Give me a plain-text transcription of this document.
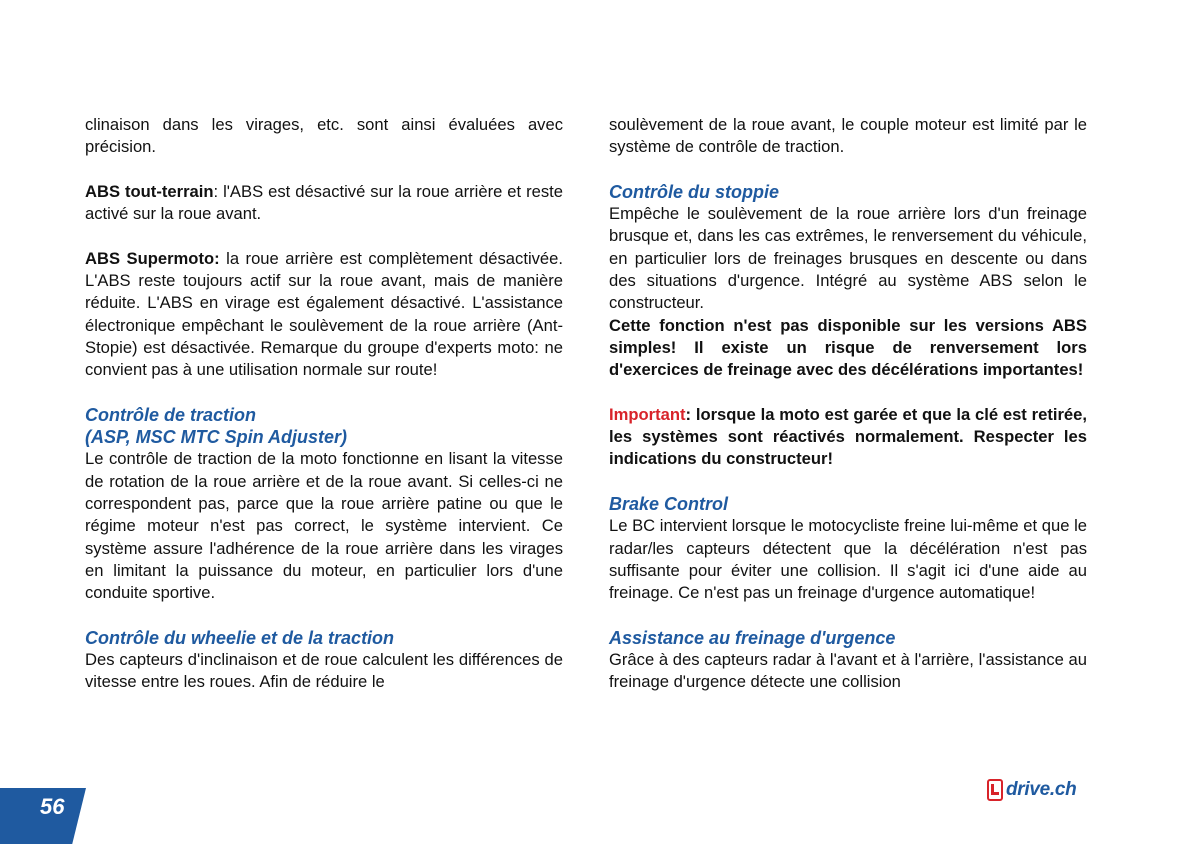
clinaison dans les virages, etc. sont ainsi évaluées avec précision.

ABS tout-terrain: l'ABS est désactivé sur la roue arrière et reste activé sur la roue avant.

ABS Supermoto: la roue arrière est complètement désactivée. L'ABS reste toujours actif sur la roue avant, mais de manière réduite. L'ABS en virage est également désactivé. L'assistance électronique empêchant le soulèvement de la roue arrière (Ant-Stopie) est désactivée. Remarque du groupe d'experts moto: ne convient pas à une utilisation normale sur route!

Contrôle de traction
(ASP, MSC MTC Spin Adjuster)

Le contrôle de traction de la moto fonctionne en lisant la vitesse de rotation de la roue arrière et de la roue avant. Si celles-ci ne correspondent pas, parce que la roue arrière patine ou que le régime moteur n'est pas correct, le système intervient. Ce système assure l'adhérence de la roue arrière dans les virages en limitant la puissance du moteur, en particulier lors d'une conduite sportive.

Contrôle du wheelie et de la traction

Des capteurs d'inclinaison et de roue calculent les différences de vitesse entre les roues. Afin de réduire le

soulèvement de la roue avant, le couple moteur est limité par le système de contrôle de traction.

Contrôle du stoppie

Empêche le soulèvement de la roue arrière lors d'un freinage brusque et, dans les cas extrêmes, le renversement du véhicule, en particulier lors de freinages brusques en descente ou dans des situations d'urgence. Intégré au système ABS selon le constructeur.

Cette fonction n'est pas disponible sur les versions ABS simples! Il existe un risque de renversement lors d'exercices de freinage avec des décélérations importantes!

Important: lorsque la moto est garée et que la clé est retirée, les systèmes sont réactivés normalement. Respecter les indications du constructeur!

Brake Control

Le BC intervient lorsque le motocycliste freine lui-même et que le radar/les capteurs détectent que la décélération n'est pas suffisante pour éviter une collision. Il s'agit ici d'une aide au freinage. Ce n'est pas un freinage d'urgence automatique!

Assistance au freinage d'urgence

Grâce à des capteurs radar à l'avant et à l'arrière, l'assistance au freinage d'urgence détecte une collision

56
drive.ch
